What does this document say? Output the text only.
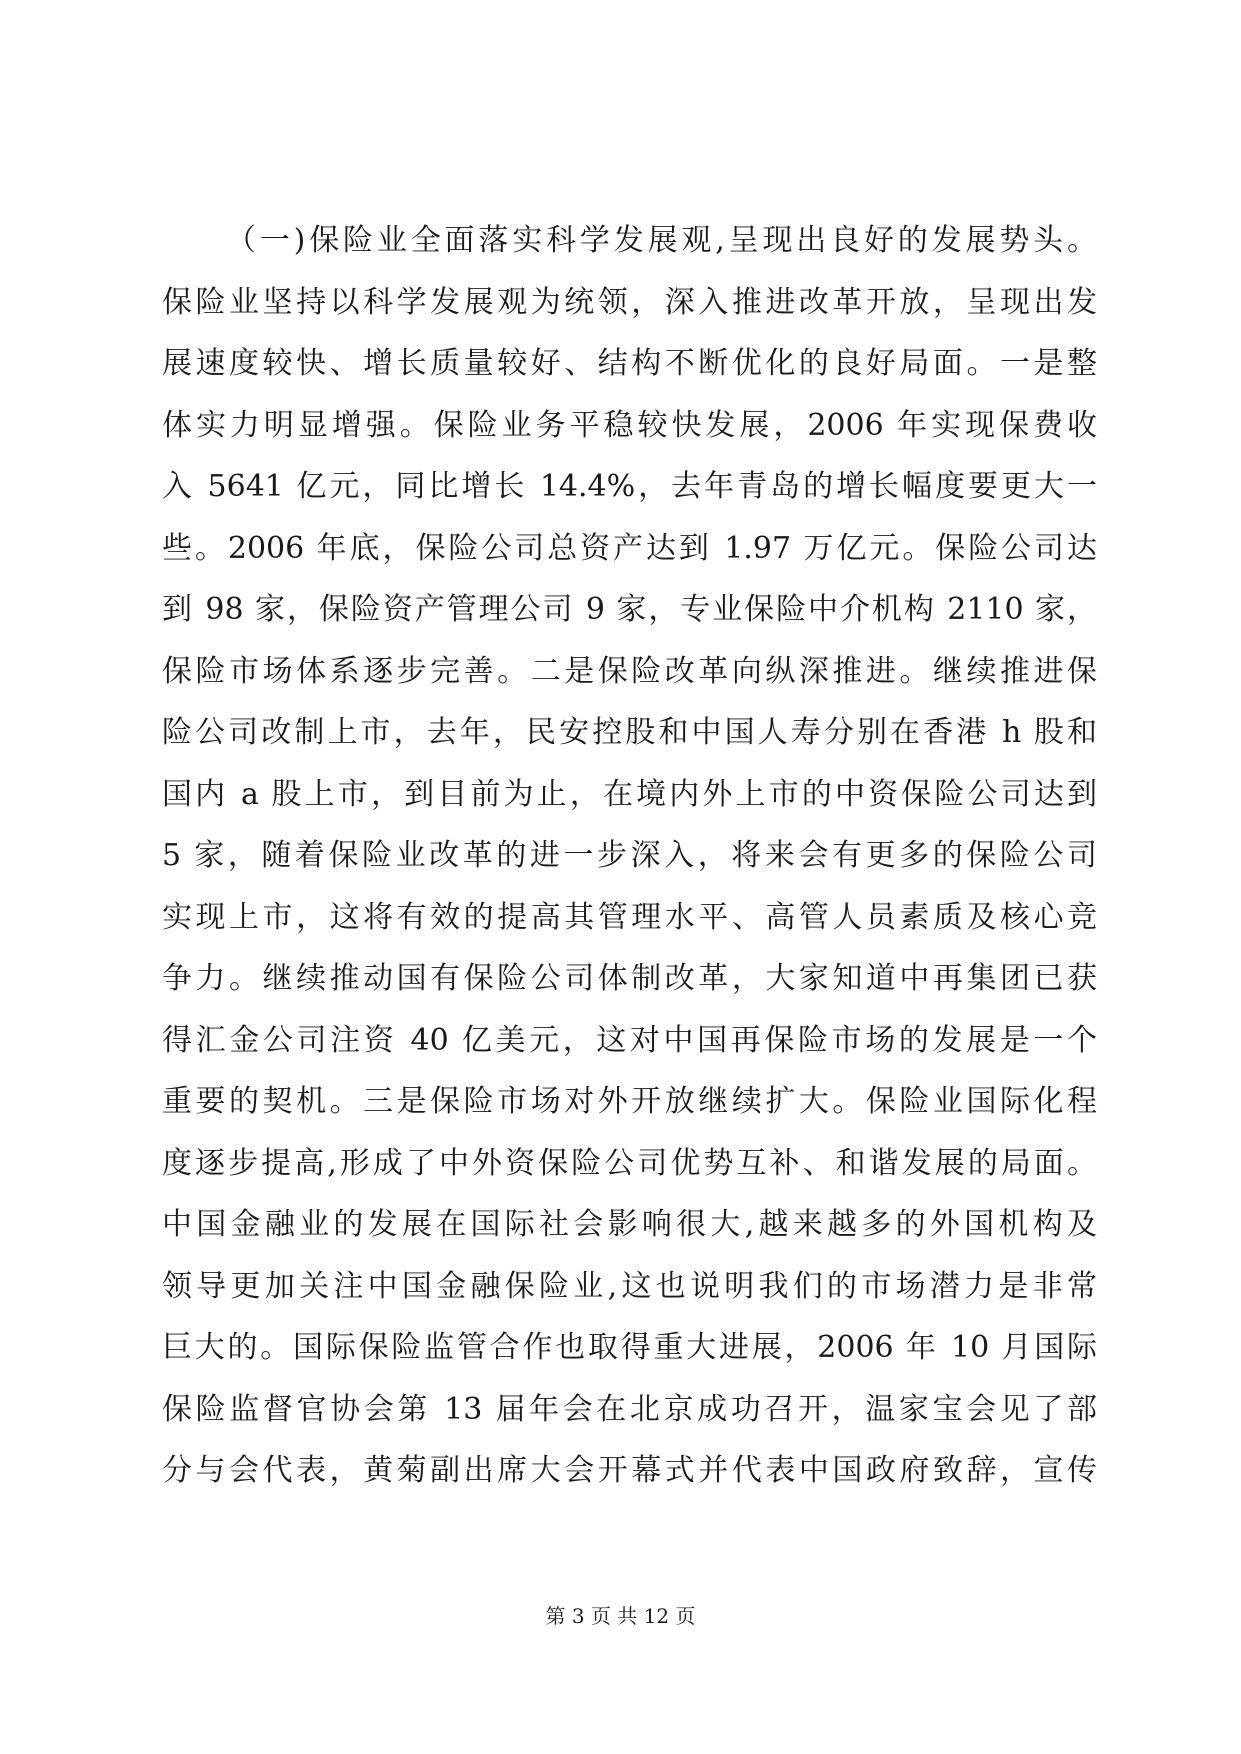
（一)保险业全面落实科学发展观,呈现出良好的发展势头。
保险业坚持以科学发展观为统领，深入推进改革开放，呈现出发
展速度较快、增长质量较好、结构不断优化的良好局面。一是整
体实力明显增强。保险业务平稳较快发展，2006 年实现保费收
入 5641 亿元，同比增长 14.4%，去年青岛的增长幅度要更大一
些。2006 年底，保险公司总资产达到 1.97 万亿元。保险公司达
到 98 家，保险资产管理公司 9 家，专业保险中介机构 2110 家，
保险市场体系逐步完善。二是保险改革向纵深推进。继续推进保
险公司改制上市，去年，民安控股和中国人寿分别在香港 h 股和
国内 a 股上市，到目前为止，在境内外上市的中资保险公司达到
5 家，随着保险业改革的进一步深入，将来会有更多的保险公司
实现上市，这将有效的提高其管理水平、高管人员素质及核心竞
争力。继续推动国有保险公司体制改革，大家知道中再集团已获
得汇金公司注资 40 亿美元，这对中国再保险市场的发展是一个
重要的契机。三是保险市场对外开放继续扩大。保险业国际化程
度逐步提高,形成了中外资保险公司优势互补、和谐发展的局面。
中国金融业的发展在国际社会影响很大,越来越多的外国机构及
领导更加关注中国金融保险业,这也说明我们的市场潜力是非常
巨大的。国际保险监管合作也取得重大进展，2006 年 10 月国际
保险监督官协会第 13 届年会在北京成功召开，温家宝会见了部
分与会代表，黄菊副出席大会开幕式并代表中国政府致辞，宣传
第 3 页 共 12 页
